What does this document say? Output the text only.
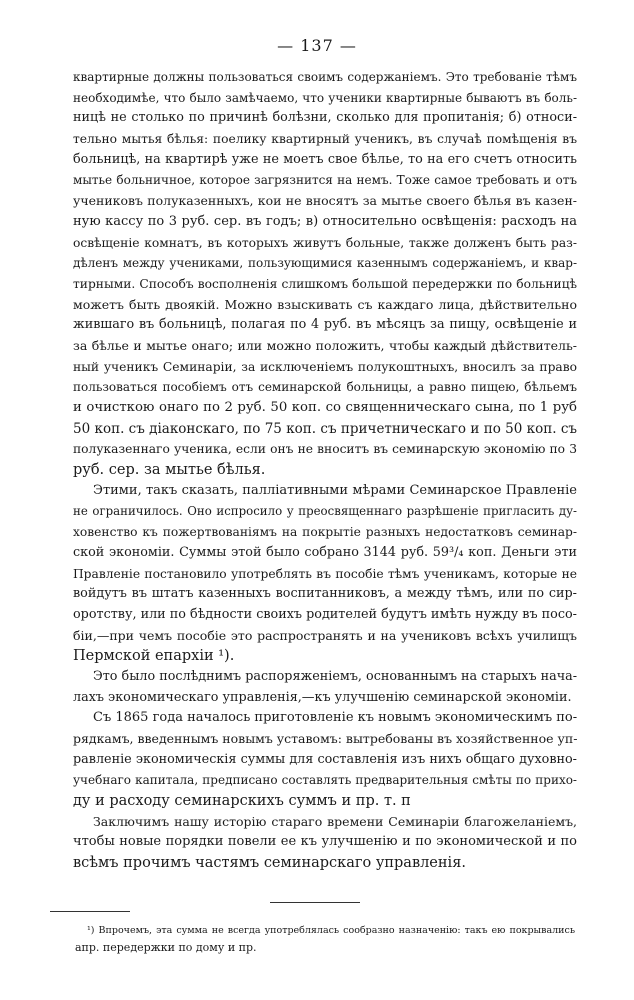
— 137 —
квартирные должны пользоваться своимъ содержаніемъ. Это требованіе тѣмъ
необходимѣе, что было замѣчаемо, что ученики квартирные бываютъ въ боль-
ницѣ не столько по причинѣ болѣзни, сколько для пропитанія; б) относи-
тельно мытья бѣлья: поелику квартирный ученикъ, въ случаѣ помѣщенія въ
больницѣ, на квартирѣ уже не моетъ свое бѣлье, то на его счетъ относить
мытье больничное, которое загрязнится на немъ. Тоже самое требовать и отъ
учениковъ полуказенныхъ, кои не вносятъ за мытье своего бѣлья въ казен-
ную кассу по 3 руб. сер. въ годъ; в) относительно освѣщенія: расходъ на
освѣщеніе комнатъ, въ которыхъ живутъ больные, также долженъ быть раз-
дѣленъ между учениками, пользующимися казеннымъ содержаніемъ, и квар-
тирными. Способъ восполненія слишкомъ большой передержки по больницѣ
можетъ быть двоякій. Можно взыскивать съ каждаго лица, дѣйствительно
жившаго въ больницѣ, полагая по 4 руб. въ мѣсяцъ за пищу, освѣщеніе и
за бѣлье и мытье онаго; или можно положить, чтобы каждый дѣйствитель-
ный ученикъ Семинаріи, за исключеніемъ полукоштныхъ, вносилъ за право
пользоваться пособіемъ отъ семинарской больницы, а равно пищею, бѣльемъ
и очисткою онаго по 2 руб. 50 коп. со священническаго сына, по 1 руб
50 коп. съ діаконскаго, по 75 коп. съ причетническаго и по 50 коп. съ
полуказеннаго ученика, если онъ не вноситъ въ семинарскую экономію по 3
руб. сер. за мытье бѣлья.
Этими, такъ сказать, палліативными мѣрами Семинарское Правленіе
не ограничилось. Оно испросило у преосвященнаго разрѣшеніе пригласить ду-
ховенство къ пожертвованіямъ на покрытіе разныхъ недостатковъ семинар-
ской экономіи. Суммы этой было собрано 3144 руб. 59³/₄ коп. Деньги эти
Правленіе постановило употреблять въ пособіе тѣмъ ученикамъ, которые не
войдутъ въ штатъ казенныхъ воспитанниковъ, а между тѣмъ, или по сир-
оротству, или по бѣдности своихъ родителей будутъ имѣть нужду въ посо-
біи,—при чемъ пособіе это распространять и на учениковъ всѣхъ училищъ
Пермской епархіи ¹).
Это было послѣднимъ распоряженіемъ, основаннымъ на старыхъ нача-
лахъ экономическаго управленія,—къ улучшенію семинарской экономіи.
Съ 1865 года началось приготовленіе къ новымъ экономическимъ по-
рядкамъ, введеннымъ новымъ уставомъ: вытребованы въ хозяйственное уп-
равленіе экономическія суммы для составленія изъ нихъ общаго духовно-
учебнаго капитала, предписано составлять предварительныя смѣты по прихо-
ду и расходу семинарскихъ суммъ и пр. т. п
Заключимъ нашу исторію стараго времени Семинаріи благожеланіемъ,
чтобы новые порядки повели ее къ улучшенію и по экономической и по
всѣмъ прочимъ частямъ семинарскаго управленія.
¹) Впрочемъ, эта сумма не всегда употреблялась сообразно назначенію: такъ ею покрывались
апр. передержки по дому и пр.
